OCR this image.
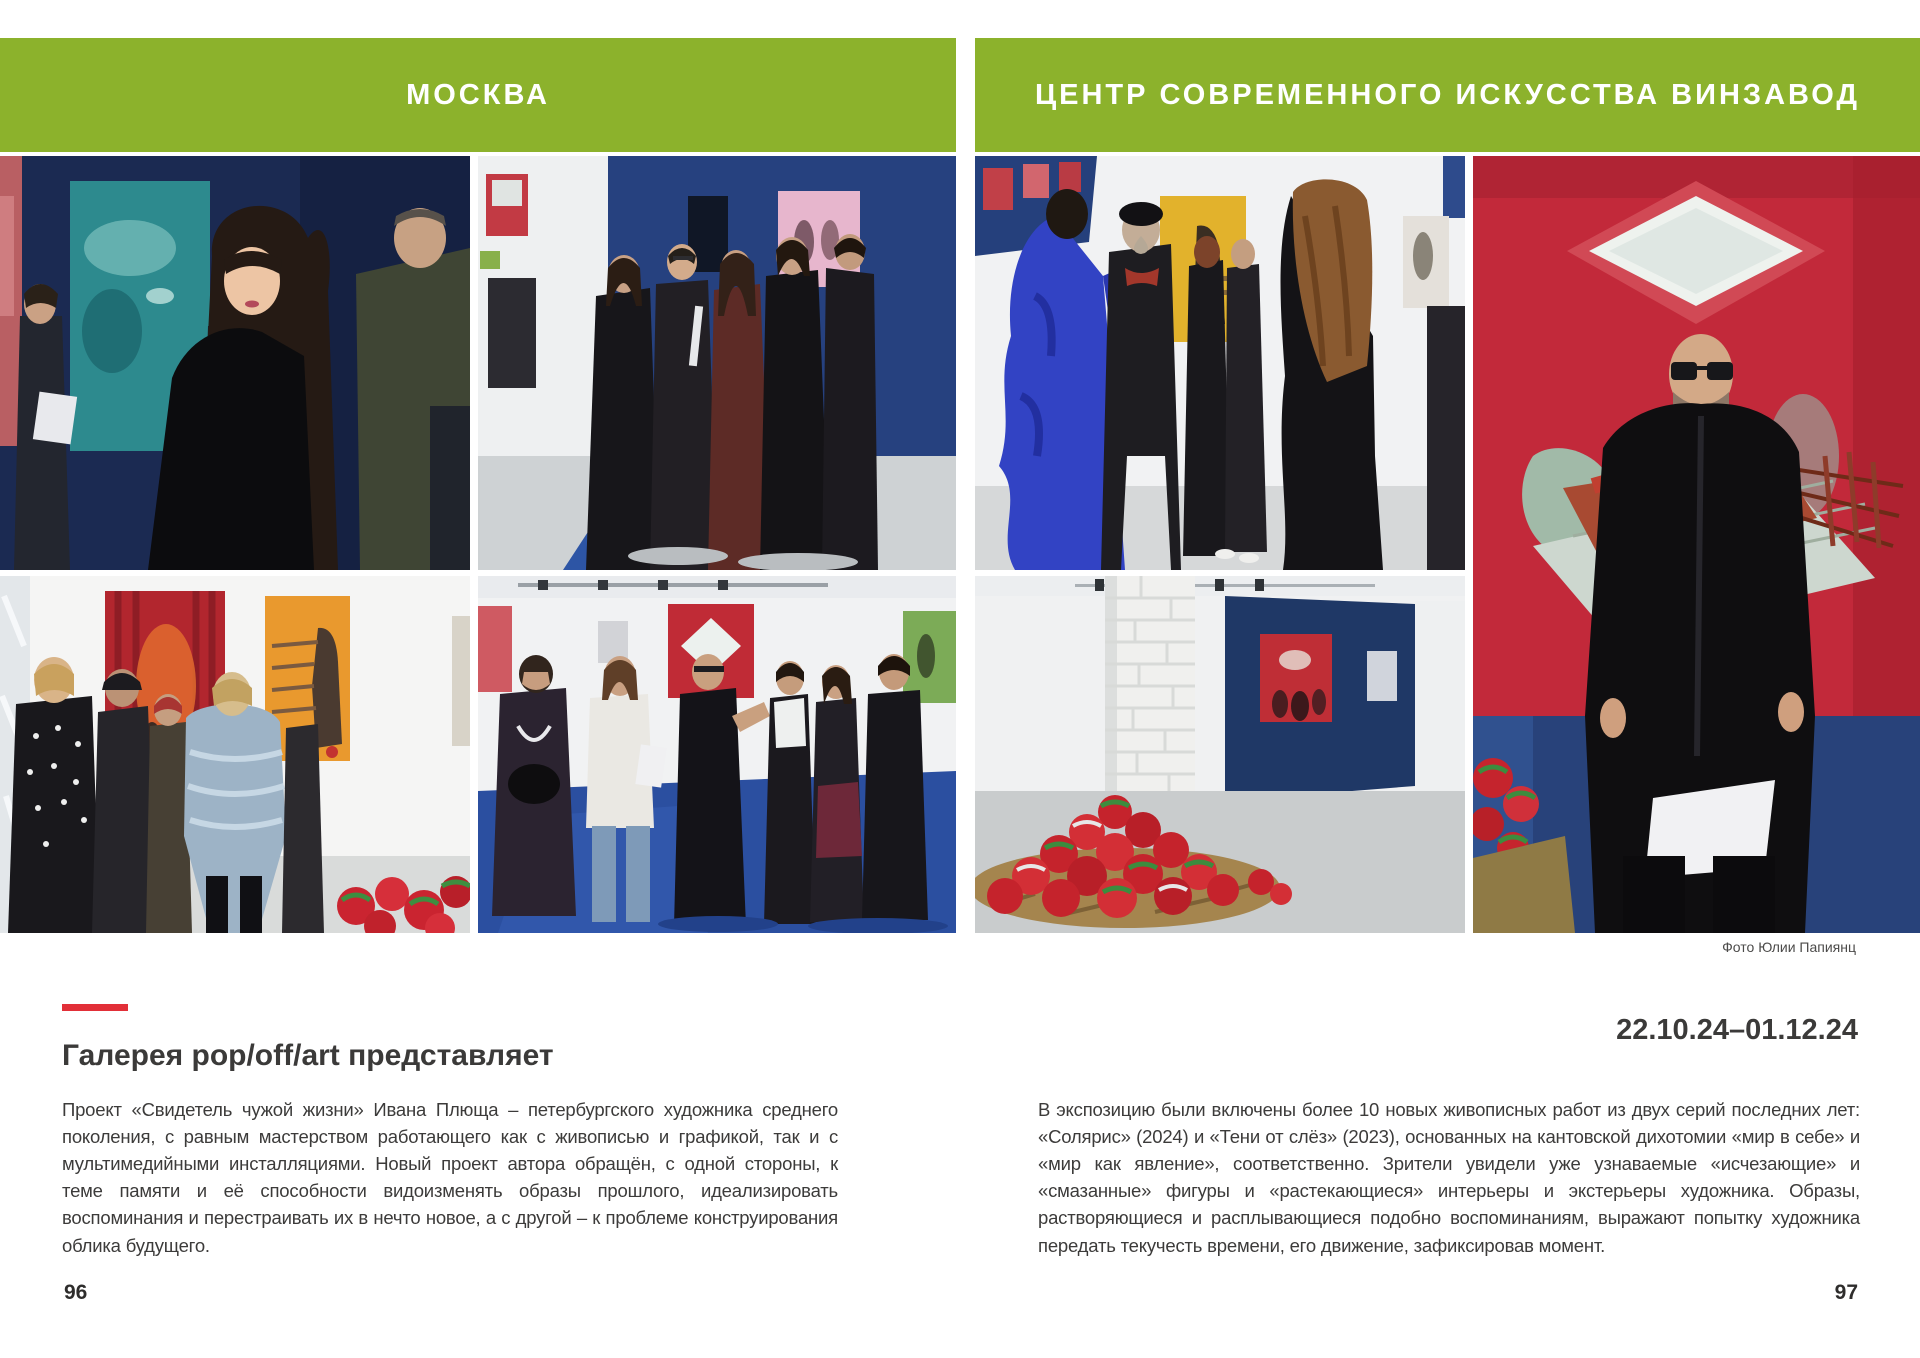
МОСКВА	ЦЕНТР СОВРЕМЕННОГО ИСКУССТВА ВИНЗАВОД
Фото Юлии Папиянц
Галерея pop/off/art представляет
22.10.24–01.12.24

Проект «Свидетель чужой жизни» Ивана Плюща – петербургского художника среднего поколения, с равным мастерством работающего как с живописью и графикой, так и с мультимедийными инсталляциями. Новый проект автора обращён, с одной стороны, к теме памяти и её способности видоизменять образы прошлого, идеализировать воспоминания и перестраивать их в нечто новое, а с другой – к проблеме конструирования облика будущего.

В экспозицию были включены более 10 новых живописных работ из двух серий последних лет: «Солярис» (2024) и «Тени от слёз» (2023), основанных на кантовской дихотомии «мир в себе» и «мир как явление», соответственно. Зрители увидели уже узнаваемые «исчезающие» и «смазанные» фигуры и «растекающиеся» интерьеры и экстерьеры художника. Образы, растворяющиеся и расплывающиеся подобно воспоминаниям, выражают попытку художника передать текучесть времени, его движение, зафиксировав момент.

96	97
